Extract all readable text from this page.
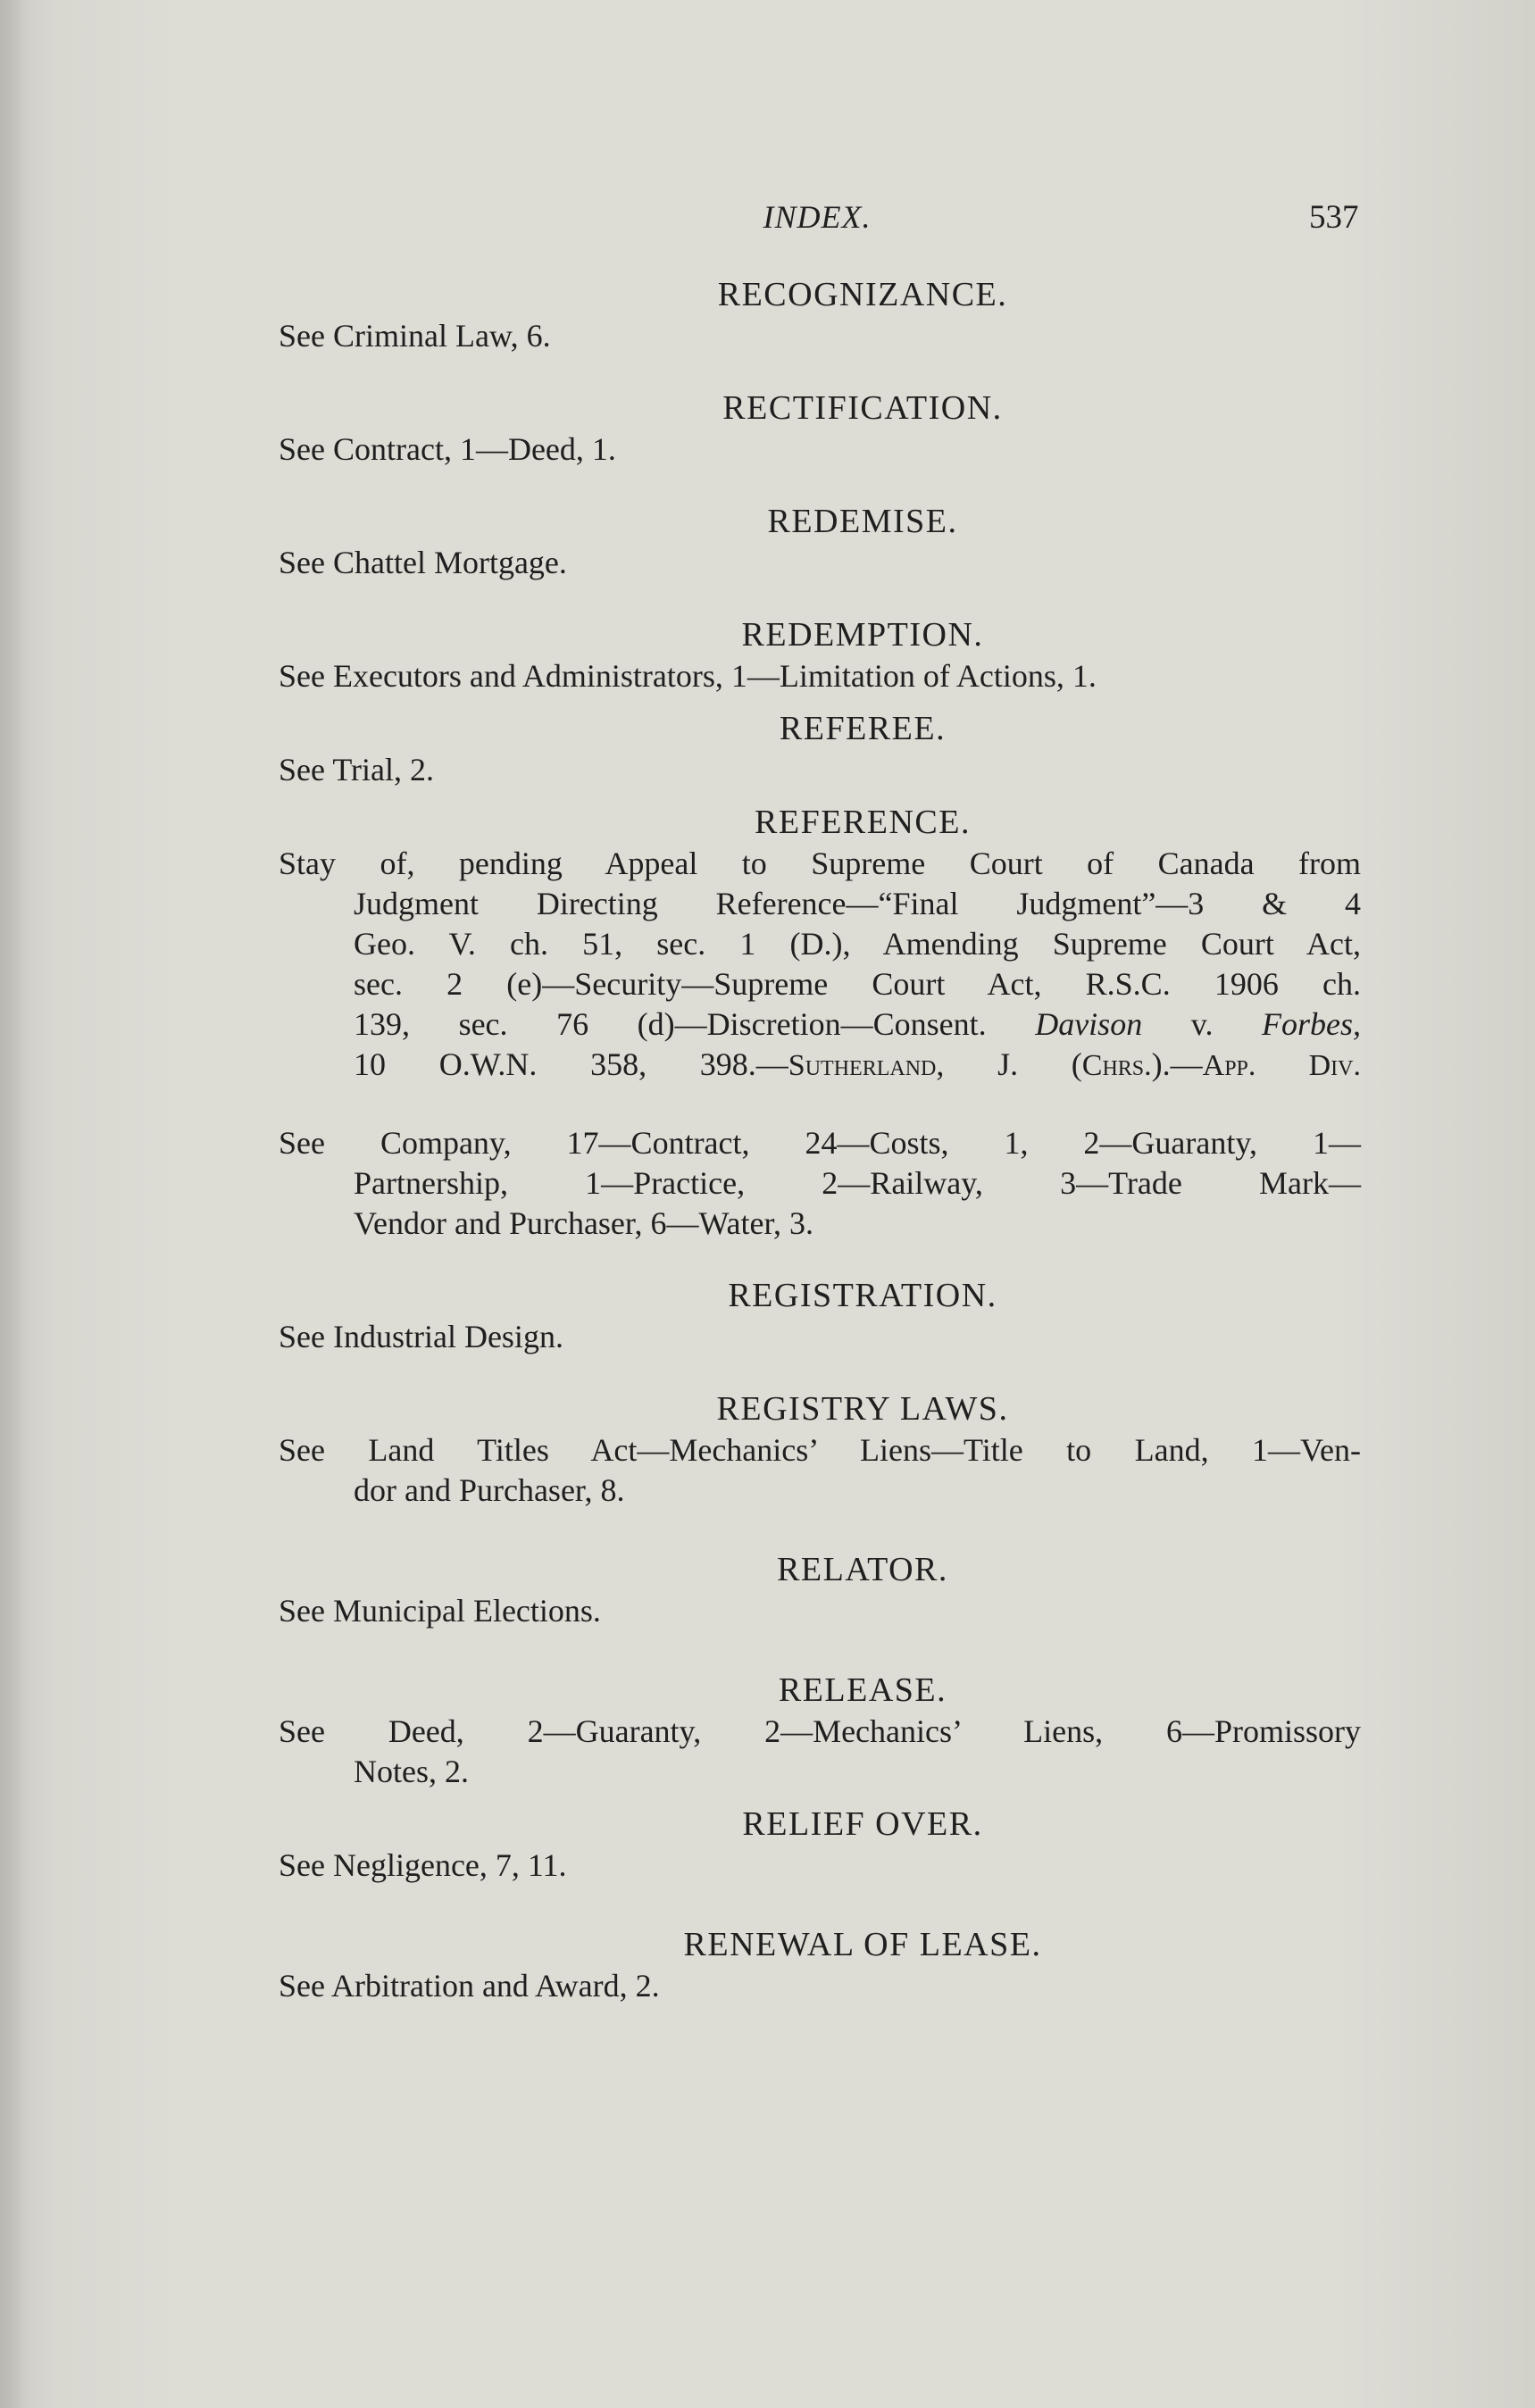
INDEX.	537

RECOGNIZANCE.

See Criminal Law, 6.

RECTIFICATION.

See Contract, 1—Deed, 1.

REDEMISE.

See Chattel Mortgage.

REDEMPTION.

See Executors and Administrators, 1—Limitation of Actions, 1.

REFEREE.

See Trial, 2.

REFERENCE.

Stay of, pending Appeal to Supreme Court of Canada from

Judgment Directing Reference—“Final Judgment”—3 & 4

Geo. V. ch. 51, sec. 1 (D.), Amending Supreme Court Act,

sec. 2 (e)—Security—Supreme Court Act, R.S.C. 1906 ch.

139, sec. 76 (d)—Discretion—Consent. Davison v. Forbes,

10 O.W.N. 358, 398.—Sutherland, J. (Chrs.).—App. Div.

See Company, 17—Contract, 24—Costs, 1, 2—Guaranty, 1—

Partnership, 1—Practice, 2—Railway, 3—Trade Mark—

Vendor and Purchaser, 6—Water, 3.

REGISTRATION.

See Industrial Design.

REGISTRY LAWS.

See Land Titles Act—Mechanics’ Liens—Title to Land, 1—Ven-

dor and Purchaser, 8.

RELATOR.

See Municipal Elections.

RELEASE.

See Deed, 2—Guaranty, 2—Mechanics’ Liens, 6—Promissory

Notes, 2.

RELIEF OVER.

See Negligence, 7, 11.

RENEWAL OF LEASE.

See Arbitration and Award, 2.
